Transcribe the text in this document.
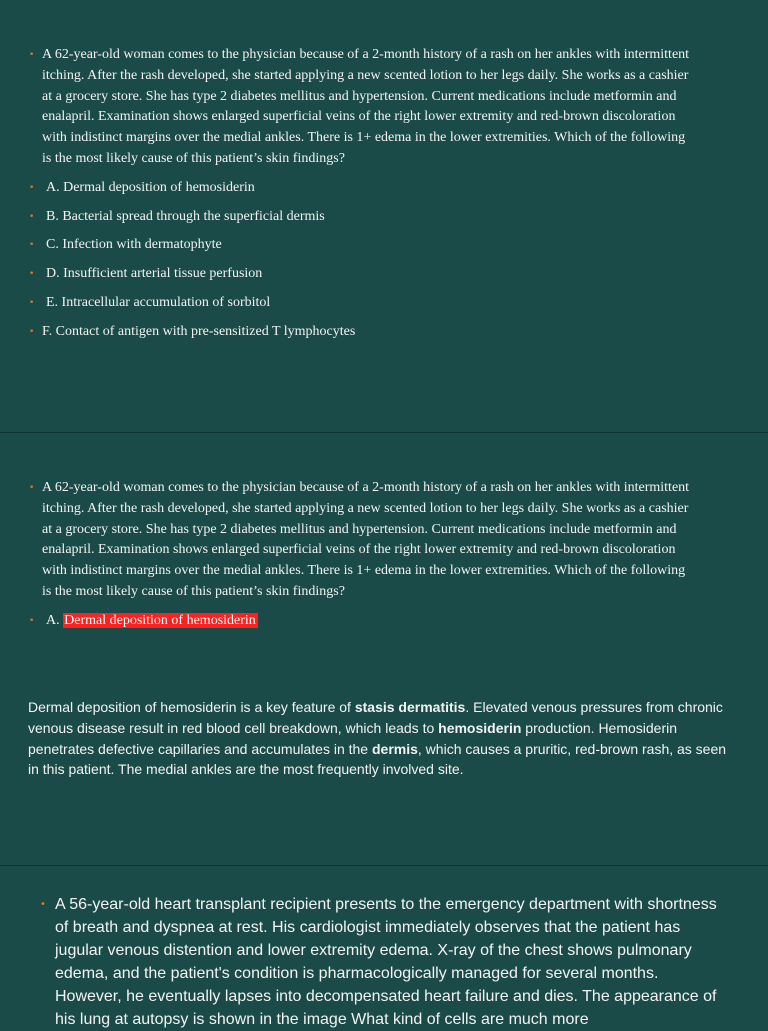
• A 62-year-old woman comes to the physician because of a 2-month history of a rash on her ankles with intermittent itching. After the rash developed, she started applying a new scented lotion to her legs daily. She works as a cashier at a grocery store. She has type 2 diabetes mellitus and hypertension. Current medications include metformin and enalapril. Examination shows enlarged superficial veins of the right lower extremity and red-brown discoloration with indistinct margins over the medial ankles. There is 1+ edema in the lower extremities. Which of the following is the most likely cause of this patient’s skin findings?

• A. Dermal deposition of hemosiderin
• B. Bacterial spread through the superficial dermis
• C. Infection with dermatophyte
• D. Insufficient arterial tissue perfusion
• E. Intracellular accumulation of sorbitol
• F. Contact of antigen with pre-sensitized T lymphocytes
• A 62-year-old woman comes to the physician because of a 2-month history of a rash on her ankles with intermittent itching. After the rash developed, she started applying a new scented lotion to her legs daily. She works as a cashier at a grocery store. She has type 2 diabetes mellitus and hypertension. Current medications include metformin and enalapril. Examination shows enlarged superficial veins of the right lower extremity and red-brown discoloration with indistinct margins over the medial ankles. There is 1+ edema in the lower extremities. Which of the following is the most likely cause of this patient’s skin findings?

• A. Dermal deposition of hemosiderin

Dermal deposition of hemosiderin is a key feature of stasis dermatitis. Elevated venous pressures from chronic venous disease result in red blood cell breakdown, which leads to hemosiderin production. Hemosiderin penetrates defective capillaries and accumulates in the dermis, which causes a pruritic, red-brown rash, as seen in this patient. The medial ankles are the most frequently involved site.

• A 56-year-old heart transplant recipient presents to the emergency department with shortness of breath and dyspnea at rest. His cardiologist immediately observes that the patient has jugular venous distention and lower extremity edema. X-ray of the chest shows pulmonary edema, and the patient's condition is pharmacologically managed for several months. However, he eventually lapses into decompensated heart failure and dies. The appearance of his lung at autopsy is shown in the image What kind of cells are much more
